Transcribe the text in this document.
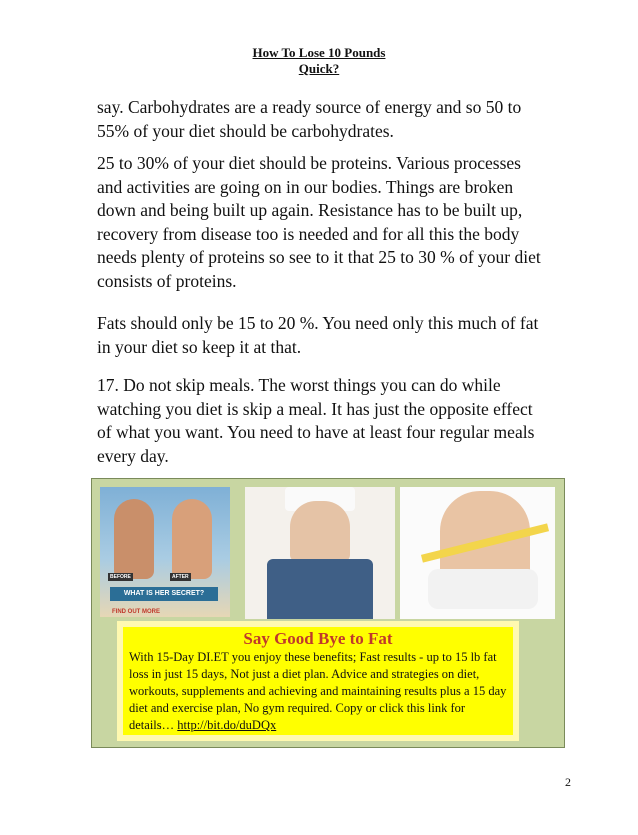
How To Lose 10 Pounds
Quick?

say. Carbohydrates are a ready source of energy and so 50 to 55% of your diet should be carbohydrates.

25 to 30% of your diet should be proteins. Various processes and activities are going on in our bodies. Things are broken down and being built up again. Resistance has to be built up, recovery from disease too is needed and for all this the body needs plenty of proteins so see to it that 25 to 30 % of your diet consists of proteins.

Fats should only be 15 to 20 %. You need only this much of fat in your diet so keep it at that.

17. Do not skip meals. The worst things you can do while watching you diet is skip a meal. It has just the opposite effect of what you want. You need to have at least four regular meals every day.

BEFORE	AFTER
WHAT IS HER SECRET?
FIND OUT MORE
Say Good Bye to Fat
With 15-Day DI.ET you enjoy these benefits; Fast results - up to 15 lb fat loss in just 15 days, Not just a diet plan. Advice and strategies on diet, workouts, supplements and achieving and maintaining results plus a 15 day diet and exercise plan, No gym required. Copy or click this link for details… http://bit.do/duDQx
2
